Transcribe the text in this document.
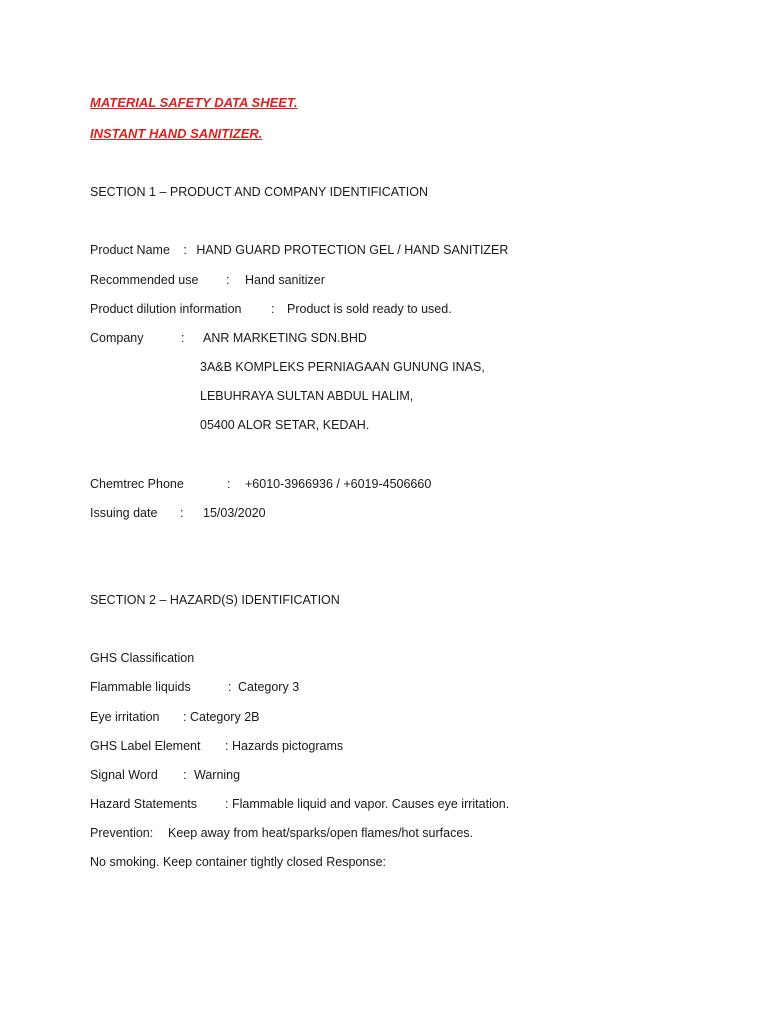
MATERIAL SAFETY DATA SHEET.
INSTANT HAND SANITIZER.
SECTION 1 – PRODUCT AND COMPANY IDENTIFICATION
Product Name : HAND GUARD PROTECTION GEL / HAND SANITIZER
Recommended use : Hand sanitizer
Product dilution information : Product is sold ready to used.
Company	: ANR MARKETING SDN.BHD
3A&B KOMPLEKS PERNIAGAAN GUNUNG INAS,
LEBUHRAYA SULTAN ABDUL HALIM,
05400 ALOR SETAR, KEDAH.
Chemtrec Phone	: +6010-3966936 / +6019-4506660
Issuing date : 15/03/2020
SECTION 2 – HAZARD(S) IDENTIFICATION
GHS Classification
Flammable liquids	: Category 3
Eye irritation : Category 2B
GHS Label Element : Hazards pictograms
Signal Word : Warning
Hazard Statements : Flammable liquid and vapor. Causes eye irritation.
Prevention: Keep away from heat/sparks/open flames/hot surfaces.
No smoking. Keep container tightly closed Response:
